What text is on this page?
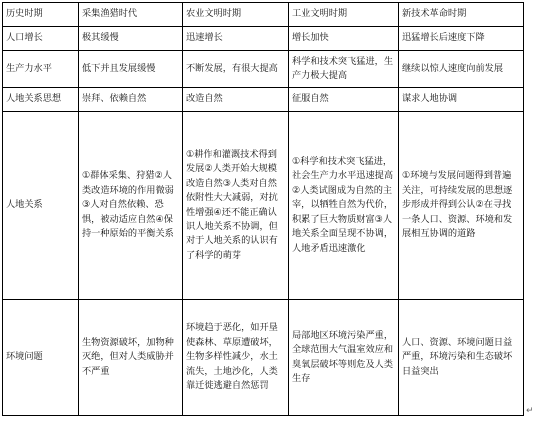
历史时期	采集渔猎时代	农业文明时期	工业文明时期	新技术革命时期
人口增长	极其缓慢	迅速增长	增长加快	迅猛增长后速度下降
生产力水平	低下并且发展缓慢	不断发展，有很大提高	科学和技术突飞猛进，生产力极大提高	继续以惊人速度向前发展
人地关系思想	崇拜、依赖自然	改造自然	征服自然	谋求人地协调
人地关系	①群体采集、狩猎②人类改造环境的作用微弱③人对自然依赖、恐惧，被动适应自然④保持一种原始的平衡关系	①耕作和灌溉技术得到发展②人类开始大规模改造自然③人类对自然依附性大大减弱，对抗性增强④还不能正确认识人地关系不协调，但对于人地关系的认识有了科学的萌芽	①科学和技术突飞猛进，社会生产力水平迅速提高②人类试图成为自然的主宰，以牺牲自然为代价，积累了巨大物质财富③人地关系全面呈现不协调，人地矛盾迅速激化	①环境与发展问题得到普遍关注，可持续发展的思想逐步形成并得到公认②在寻找一条人口、资源、环境和发展相互协调的道路
环境问题	生物资源破坏，加物种灭绝，但对人类威胁并不严重	环境趋于恶化，如开垦使森林、草原遭破坏，生物多样性减少，水土流失，土地沙化，人类靠迁徙逃避自然惩罚	局部地区环境污染严重，全球范围大气温室效应和臭氧层破坏等则危及人类生存	人口、资源、环境问题日益严重，环境污染和生态破坏日益突出
↵
